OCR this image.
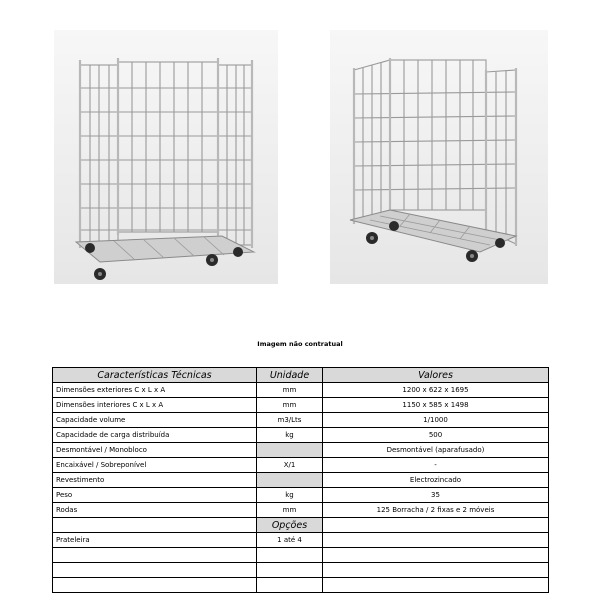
Imagem não contratual
Características Técnicas	Unidade	Valores
Dimensões exteriores C x L x A	mm	1200 x 622 x 1695
Dimensões interiores C x L x A	mm	1150 x 585 x 1498
Capacidade volume	m3/Lts	1/1000
Capacidade de carga distribuída	kg	500
Desmontável / Monobloco		Desmontável (aparafusado)
Encaixável / Sobreponível	X/1	-
Revestimento		Electrozincado
Peso	kg	35
Rodas	mm	125 Borracha / 2 fixas e 2 móveis
	Opções	
Prateleira	1 até 4	
